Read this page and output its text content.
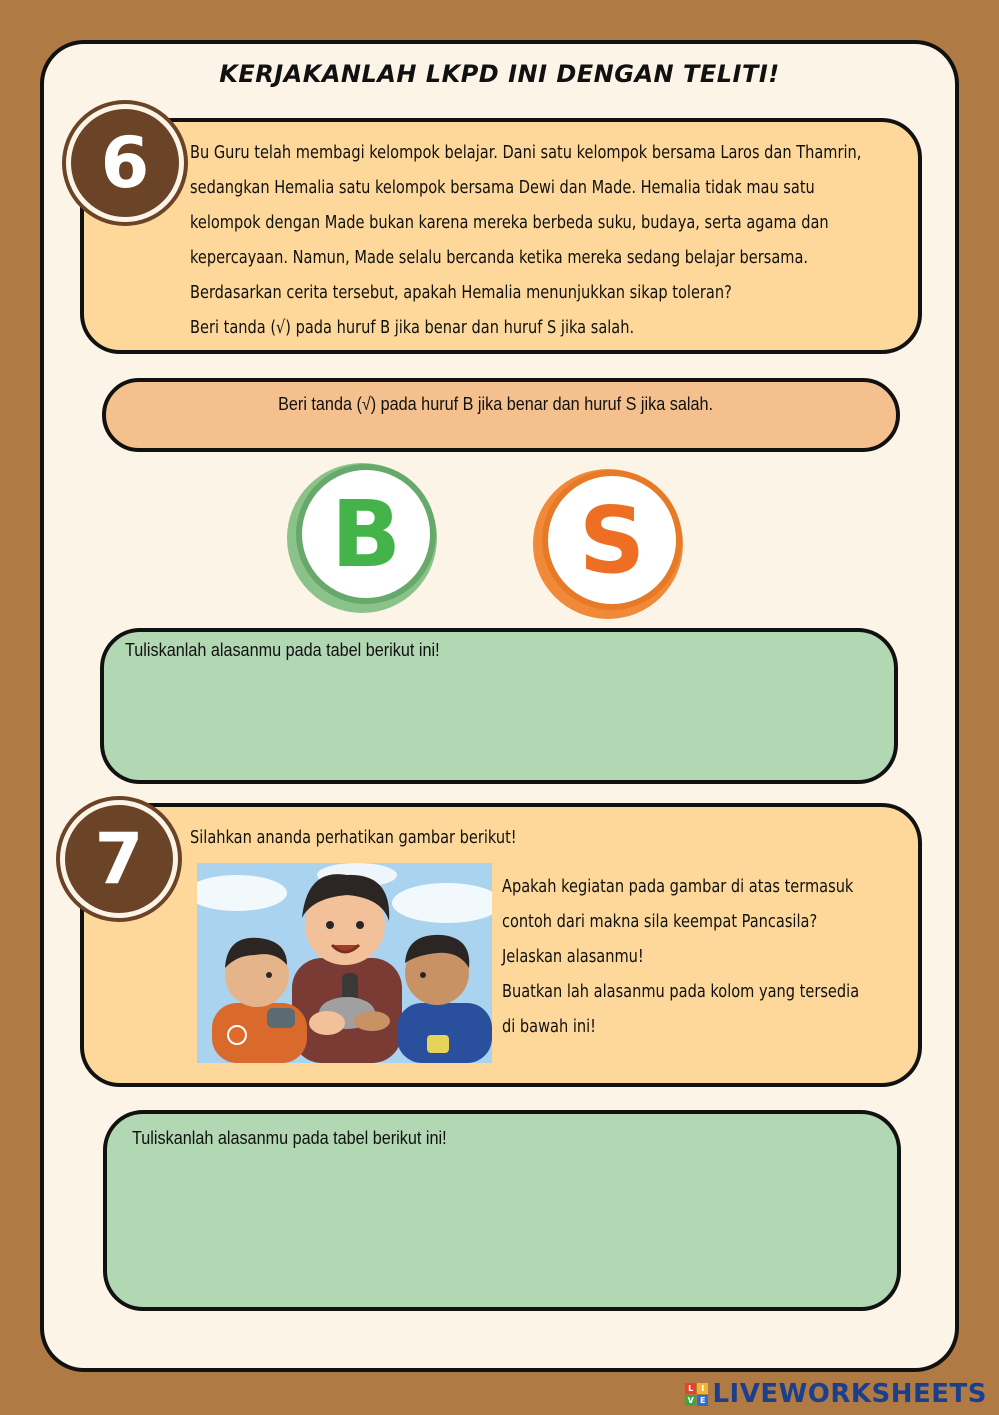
KERJAKANLAH LKPD INI DENGAN TELITI!
6	Bu Guru telah membagi kelompok belajar. Dani satu kelompok bersama Laros dan Thamrin,
sedangkan Hemalia satu kelompok bersama Dewi dan Made. Hemalia tidak mau satu
kelompok dengan Made bukan karena mereka berbeda suku, budaya, serta agama dan
kepercayaan. Namun, Made selalu bercanda ketika mereka sedang belajar bersama.
Berdasarkan cerita tersebut, apakah Hemalia menunjukkan sikap toleran?
Beri tanda (√) pada huruf B jika benar dan huruf S jika salah.
Beri tanda (√) pada huruf B jika benar dan huruf S jika salah.
B	S
Tuliskanlah alasanmu pada tabel berikut ini!
7	Silahkan ananda perhatikan gambar berikut!
Apakah kegiatan pada gambar di atas termasuk
contoh dari makna sila keempat Pancasila?
Jelaskan alasanmu!
Buatkan lah alasanmu pada kolom yang tersedia
di bawah ini!
Tuliskanlah alasanmu pada tabel berikut ini!
L I
V E LIVEWORKSHEETS
